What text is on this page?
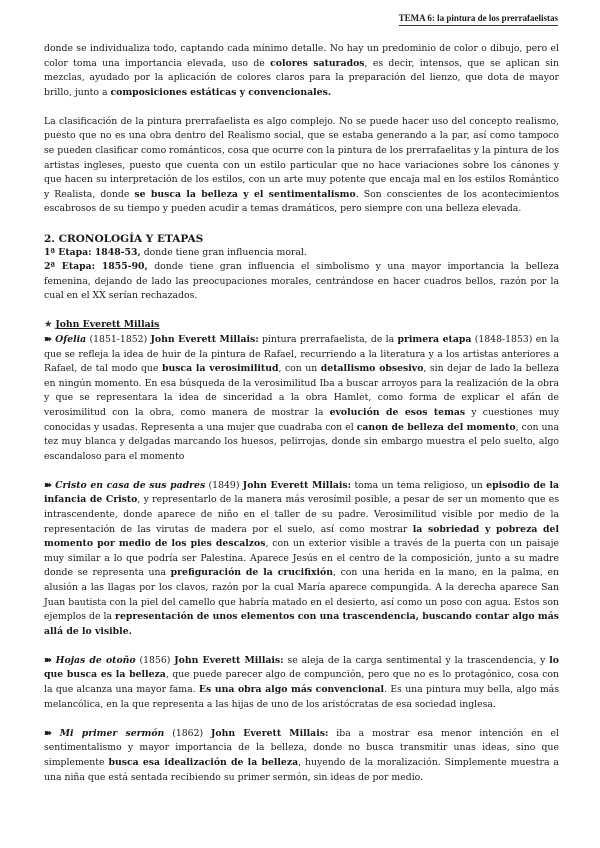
TEMA 6: la pintura de los prerrafaelistas

donde se individualiza todo, captando cada mínimo detalle. No hay un predominio de color o dibujo, pero el color toma una importancia elevada, uso de colores saturados, es decir, intensos, que se aplican sin mezclas, ayudado por la aplicación de colores claros para la preparación del lienzo, que dota de mayor brillo, junto a composiciones estáticas y convencionales.

La clasificación de la pintura prerrafaelista es algo complejo. No se puede hacer uso del concepto realismo, puesto que no es una obra dentro del Realismo social, que se estaba generando a la par, así como tampoco se pueden clasificar como románticos, cosa que ocurre con la pintura de los prerrafaelitas y la pintura de los artistas ingleses, puesto que cuenta con un estilo particular que no hace variaciones sobre los cánones y que hacen su interpretación de los estilos, con un arte muy potente que encaja mal en los estilos Romántico y Realista, donde se busca la belleza y el sentimentalismo. Son conscientes de los acontecimientos escabrosos de su tiempo y pueden acudir a temas dramáticos, pero siempre con una belleza elevada.

2. CRONOLOGÍA Y ETAPAS

1ª Etapa: 1848-53, donde tiene gran influencia moral.

2ª Etapa: 1855-90, donde tiene gran influencia el simbolismo y una mayor importancia la belleza femenina, dejando de lado las preocupaciones morales, centrándose en hacer cuadros bellos, razón por la cual en el XX serían rechazados.

★ John Everett Millais

➽ Ofelia (1851-1852) John Everett Millais: pintura prerrafaelista, de la primera etapa (1848-1853) en la que se refleja la idea de huir de la pintura de Rafael, recurriendo a la literatura y a los artistas anteriores a Rafael, de tal modo que busca la verosimilitud, con un detallismo obsesivo, sin dejar de lado la belleza en ningún momento. En esa búsqueda de la verosimilitud Iba a buscar arroyos para la realización de la obra y que se representara la idea de sinceridad a la obra Hamlet, como forma de explicar el afán de verosimilitud con la obra, como manera de mostrar la evolución de esos temas y cuestiones muy conocidas y usadas. Representa a una mujer que cuadraba con el canon de belleza del momento, con una tez muy blanca y delgadas marcando los huesos, pelirrojas, donde sin embargo muestra el pelo suelto, algo escandaloso para el momento

➽ Cristo en casa de sus padres (1849) John Everett Millais: toma un tema religioso, un episodio de la infancia de Cristo, y representarlo de la manera más verosímil posible, a pesar de ser un momento que es intrascendente, donde aparece de niño en el taller de su padre. Verosimilitud visible por medio de la representación de las virutas de madera por el suelo, así como mostrar la sobriedad y pobreza del momento por medio de los pies descalzos, con un exterior visible a través de la puerta con un paisaje muy similar a lo que podría ser Palestina. Aparece Jesús en el centro de la composición, junto a su madre donde se representa una prefiguración de la crucifixión, con una herida en la mano, en la palma, en alusión a las llagas por los clavos, razón por la cual María aparece compungida. A la derecha aparece San Juan bautista con la piel del camello que habría matado en el desierto, así como un poso con agua. Estos son ejemplos de la representación de unos elementos con una trascendencia, buscando contar algo más allá de lo visible.

➽ Hojas de otoño (1856) John Everett Millais: se aleja de la carga sentimental y la trascendencia, y lo que busca es la belleza, que puede parecer algo de compunción, pero que no es lo protagónico, cosa con la que alcanza una mayor fama. Es una obra algo más convencional. Es una pintura muy bella, algo más melancólica, en la que representa a las hijas de uno de los aristócratas de esa sociedad inglesa.

➽ Mi primer sermón (1862) John Everett Millais: iba a mostrar esa menor intención en el sentimentalismo y mayor importancia de la belleza, donde no busca transmitir unas ideas, sino que simplemente busca esa idealización de la belleza, huyendo de la moralización. Simplemente muestra a una niña que está sentada recibiendo su primer sermón, sin ideas de por medio.
